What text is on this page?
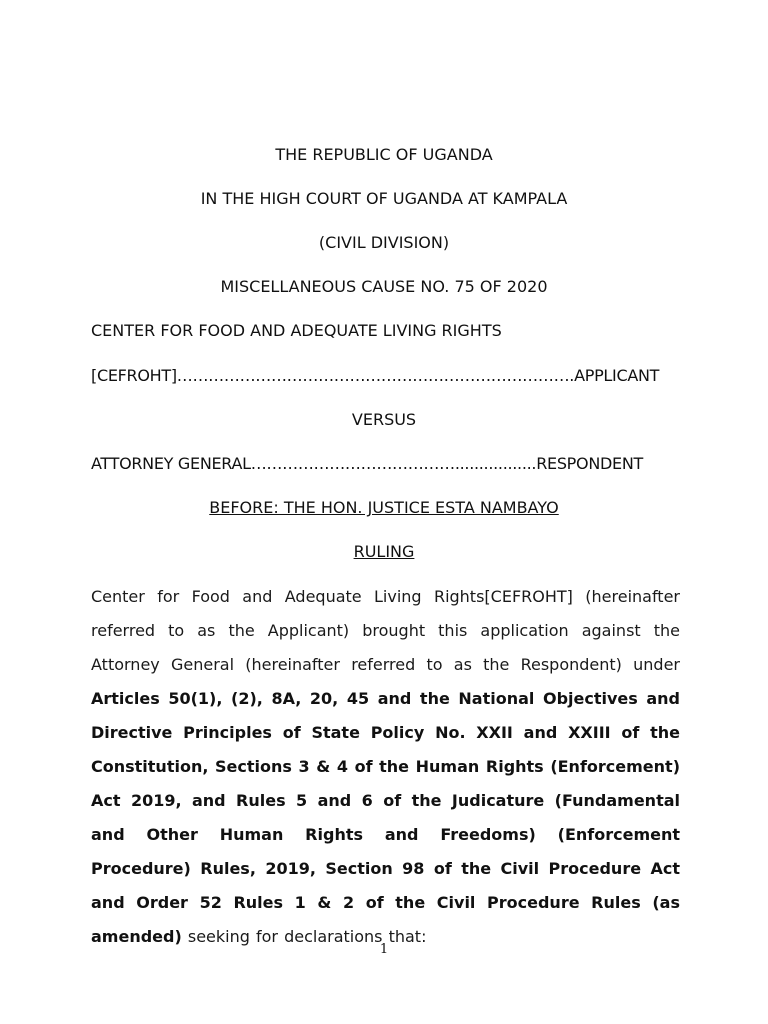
THE REPUBLIC OF UGANDA
IN THE HIGH COURT OF UGANDA AT KAMPALA
(CIVIL DIVISION)
MISCELLANEOUS CAUSE NO. 75 OF 2020
CENTER FOR FOOD AND ADEQUATE LIVING RIGHTS
[CEFROHT]………………………………………………………………….APPLICANT
VERSUS
ATTORNEY GENERAL………………………………….................RESPONDENT
BEFORE: THE HON. JUSTICE ESTA NAMBAYO
RULING
Center for Food and Adequate Living Rights[CEFROHT] (hereinafter referred to as the Applicant) brought this application against the Attorney General (hereinafter referred to as the Respondent) under Articles 50(1), (2), 8A, 20, 45 and the National Objectives and Directive Principles of State Policy No. XXII and XXIII of the Constitution, Sections 3 & 4 of the Human Rights (Enforcement) Act 2019, and Rules 5 and 6 of the Judicature (Fundamental and Other Human Rights and Freedoms) (Enforcement Procedure) Rules, 2019, Section 98 of the Civil Procedure Act and Order 52 Rules 1 & 2 of the Civil Procedure Rules (as amended) seeking for declarations that:
1
